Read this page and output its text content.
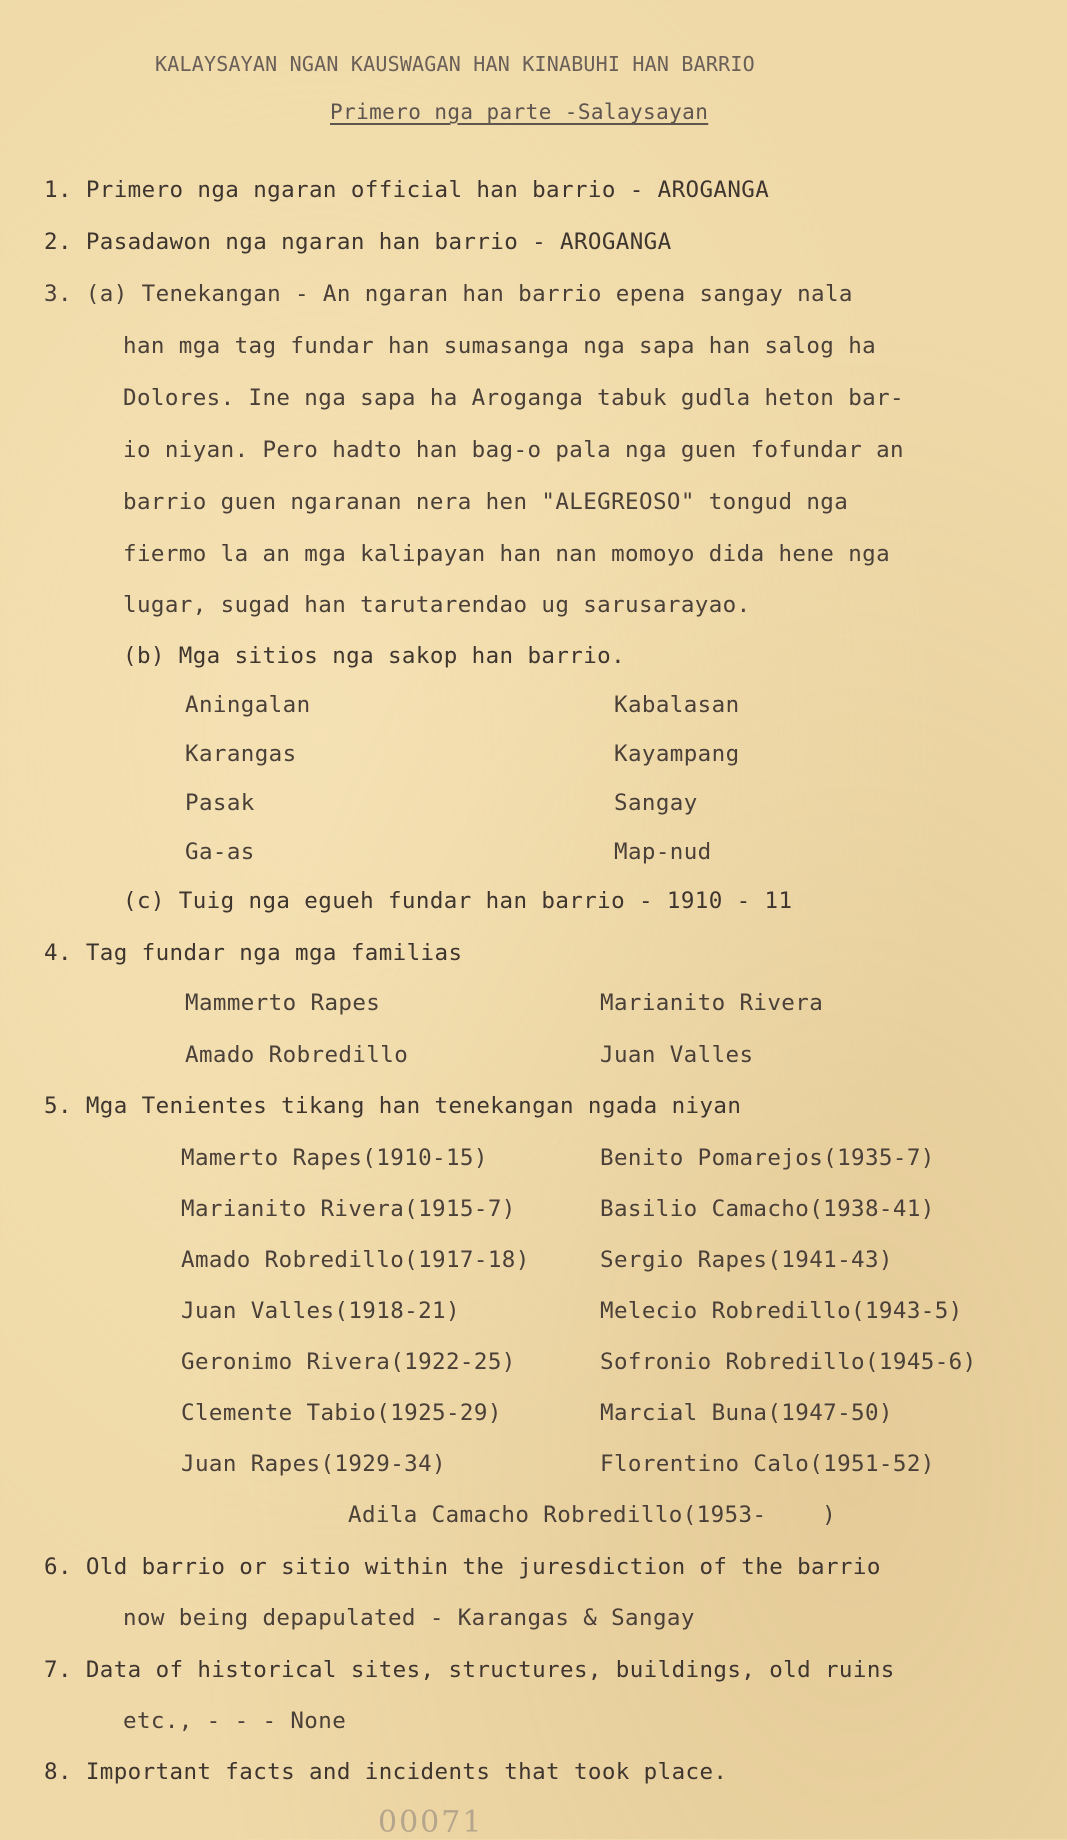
KALAYSAYAN NGAN KAUSWAGAN HAN KINABUHI HAN BARRIO
Primero nga parte -Salaysayan
1. Primero nga ngaran official han barrio - AROGANGA
2. Pasadawon nga ngaran han barrio - AROGANGA
3. (a) Tenekangan - An ngaran han barrio epena sangay nala
han mga tag fundar han sumasanga nga sapa han salog ha
Dolores. Ine nga sapa ha Aroganga tabuk gudla heton bar-
io niyan. Pero hadto han bag-o pala nga guen fofundar an
barrio guen ngaranan nera hen "ALEGREOSO" tongud nga
fiermo la an mga kalipayan han nan momoyo dida hene nga
lugar, sugad han tarutarendao ug sarusarayao.
(b) Mga sitios nga sakop han barrio.
Aningalan	Kabalasan
Karangas	Kayampang
Pasak	Sangay
Ga-as	Map-nud
(c) Tuig nga egueh fundar han barrio - 1910 - 11
4. Tag fundar nga mga familias
Mammerto Rapes	Marianito Rivera
Amado Robredillo	Juan Valles
5. Mga Tenientes tikang han tenekangan ngada niyan
Mamerto Rapes(1910-15)	Benito Pomarejos(1935-7)
Marianito Rivera(1915-7)	Basilio Camacho(1938-41)
Amado Robredillo(1917-18)	Sergio Rapes(1941-43)
Juan Valles(1918-21)	Melecio Robredillo(1943-5)
Geronimo Rivera(1922-25)	Sofronio Robredillo(1945-6)
Clemente Tabio(1925-29)	Marcial Buna(1947-50)
Juan Rapes(1929-34)	Florentino Calo(1951-52)
Adila Camacho Robredillo(1953-    )
6. Old barrio or sitio within the juresdiction of the barrio
now being depapulated - Karangas & Sangay
7. Data of historical sites, structures, buildings, old ruins
etc., - - - None
8. Important facts and incidents that took place.
00071
